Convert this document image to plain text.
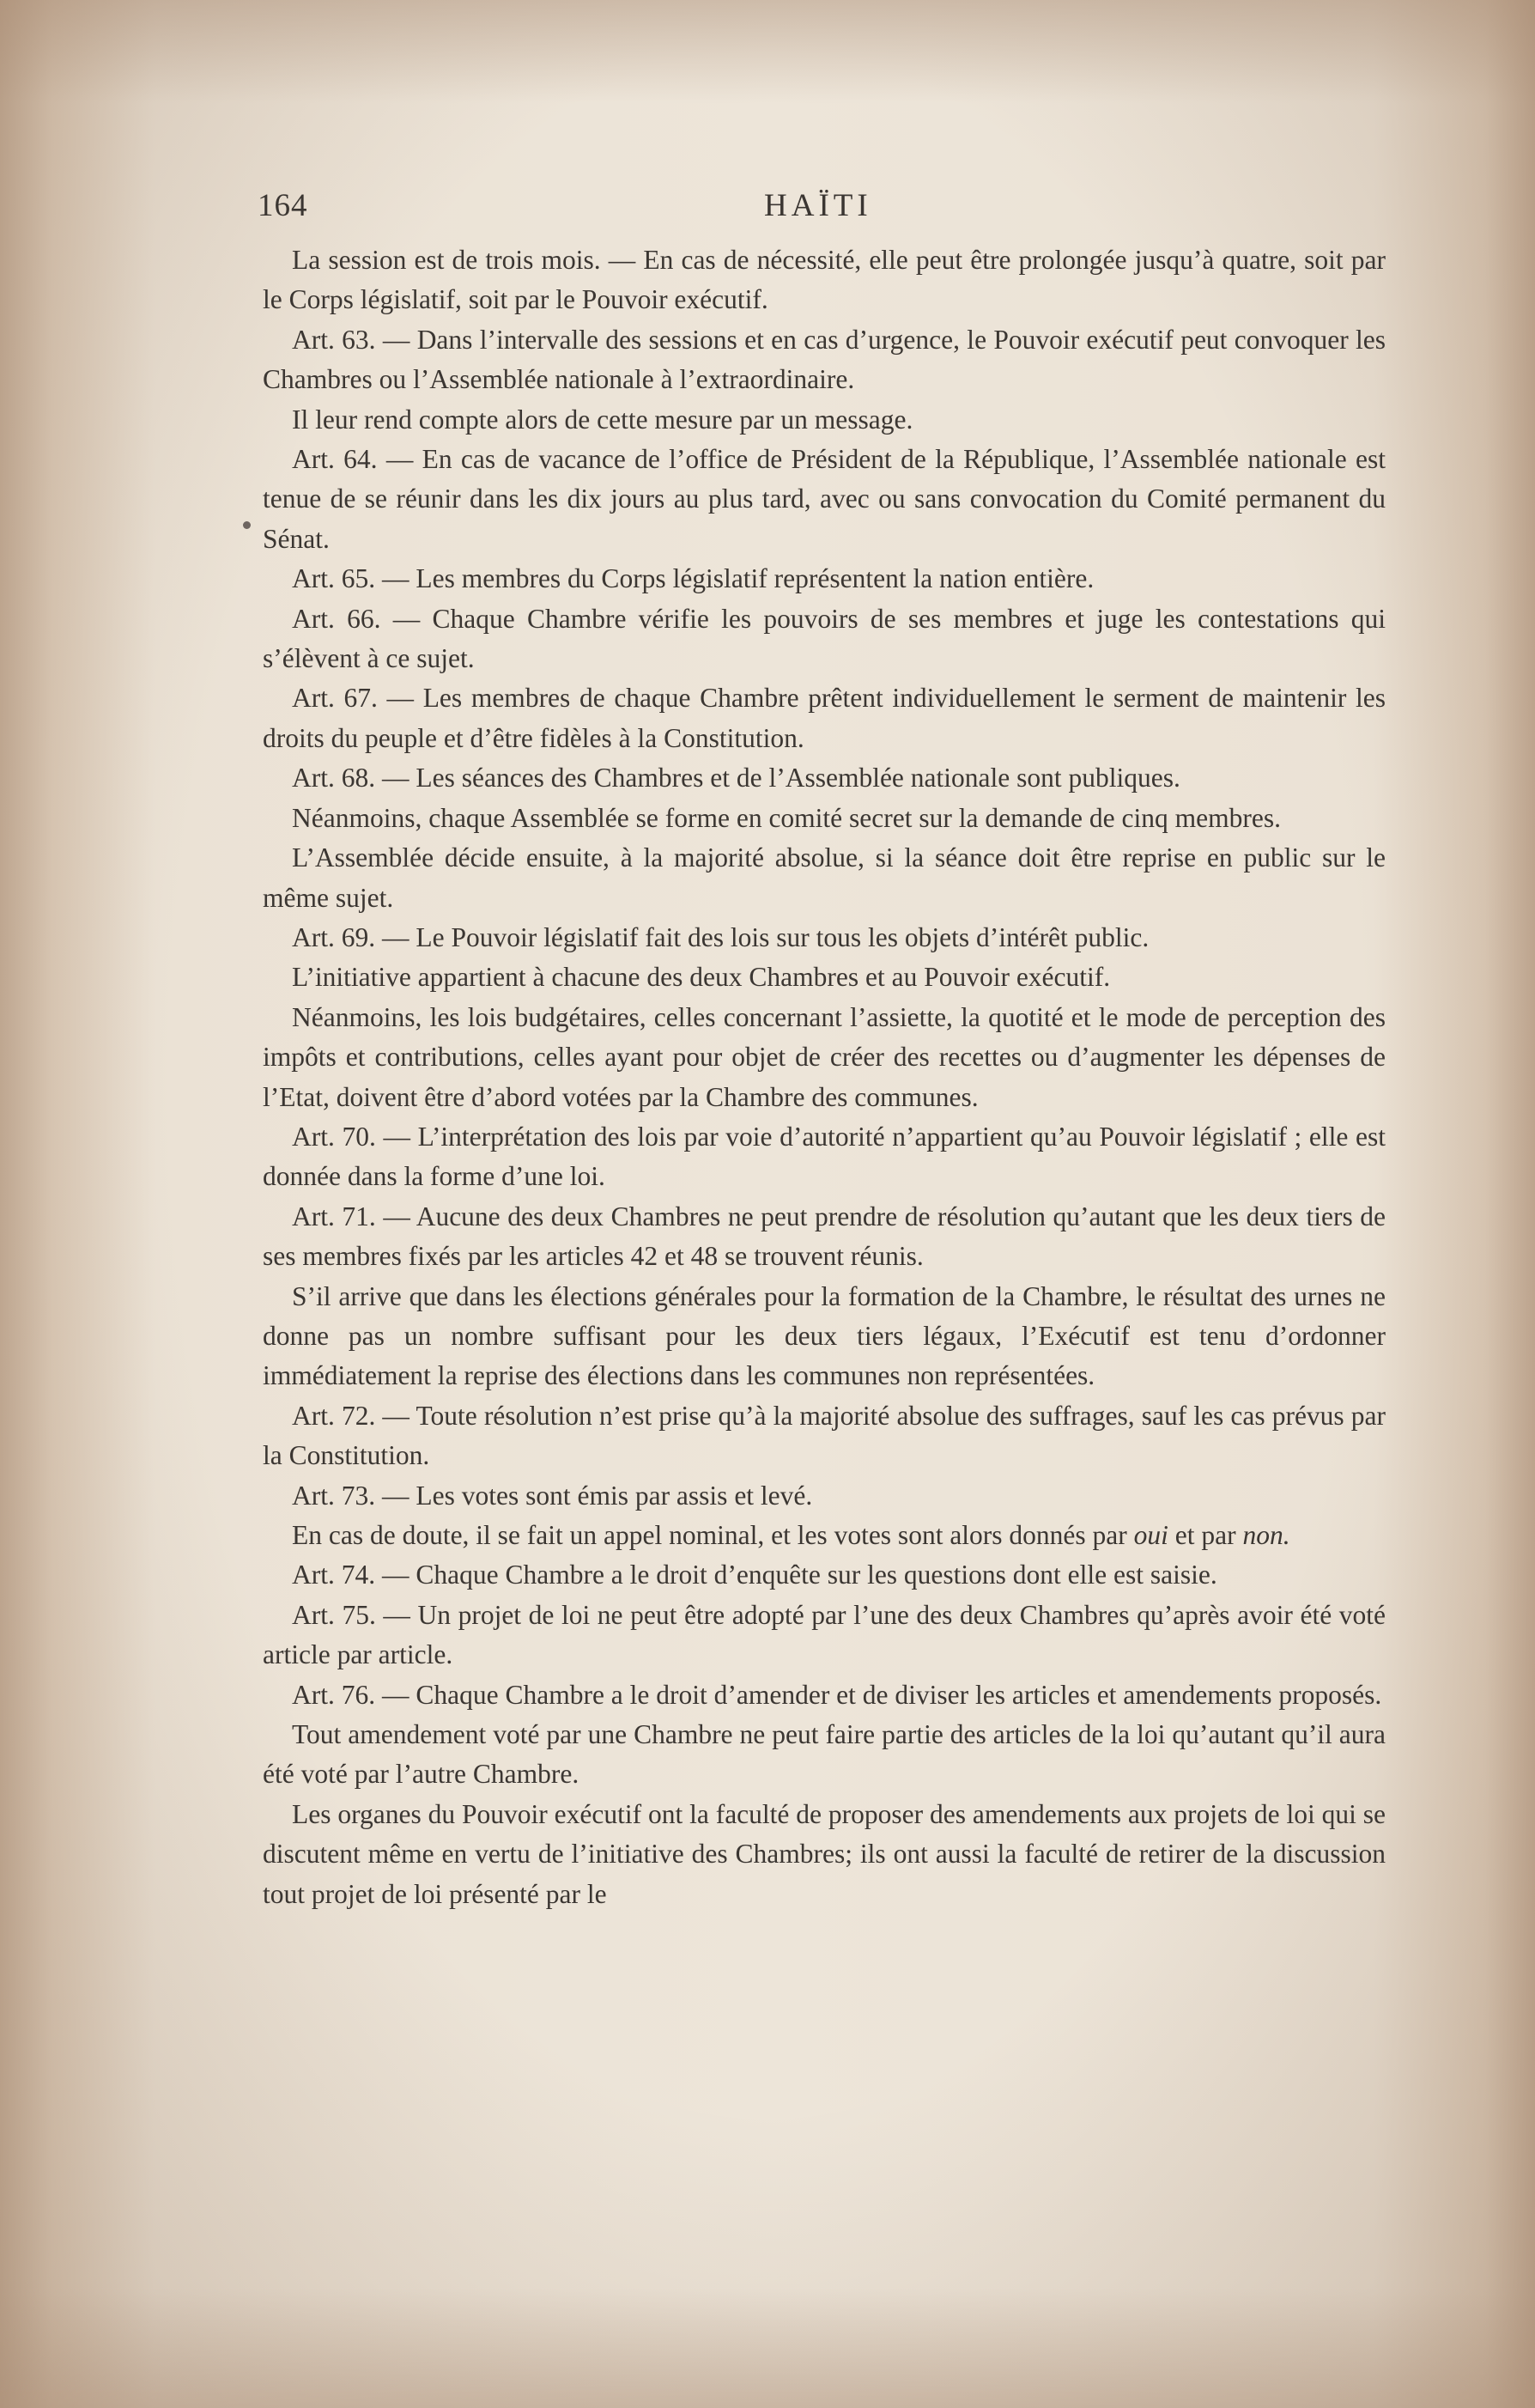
164	HAÏTI

La session est de trois mois. — En cas de nécessité, elle peut être prolongée jusqu’à quatre, soit par le Corps législatif, soit par le Pouvoir exécutif.

Art. 63. — Dans l’intervalle des sessions et en cas d’urgence, le Pouvoir exécutif peut convoquer les Chambres ou l’Assemblée nationale à l’extraordinaire.

Il leur rend compte alors de cette mesure par un message.

Art. 64. — En cas de vacance de l’office de Président de la République, l’Assemblée nationale est tenue de se réunir dans les dix jours au plus tard, avec ou sans convocation du Comité permanent du Sénat.

Art. 65. — Les membres du Corps législatif représentent la nation entière.

Art. 66. — Chaque Chambre vérifie les pouvoirs de ses membres et juge les contestations qui s’élèvent à ce sujet.

Art. 67. — Les membres de chaque Chambre prêtent individuellement le serment de maintenir les droits du peuple et d’être fidèles à la Constitution.

Art. 68. — Les séances des Chambres et de l’Assemblée nationale sont publiques.

Néanmoins, chaque Assemblée se forme en comité secret sur la demande de cinq membres.

L’Assemblée décide ensuite, à la majorité absolue, si la séance doit être reprise en public sur le même sujet.

Art. 69. — Le Pouvoir législatif fait des lois sur tous les objets d’intérêt public.

L’initiative appartient à chacune des deux Chambres et au Pouvoir exécutif.

Néanmoins, les lois budgétaires, celles concernant l’assiette, la quotité et le mode de perception des impôts et contributions, celles ayant pour objet de créer des recettes ou d’augmenter les dépenses de l’Etat, doivent être d’abord votées par la Chambre des communes.

Art. 70. — L’interprétation des lois par voie d’autorité n’appartient qu’au Pouvoir législatif ; elle est donnée dans la forme d’une loi.

Art. 71. — Aucune des deux Chambres ne peut prendre de résolution qu’autant que les deux tiers de ses membres fixés par les articles 42 et 48 se trouvent réunis.

S’il arrive que dans les élections générales pour la formation de la Chambre, le résultat des urnes ne donne pas un nombre suffisant pour les deux tiers légaux, l’Exécutif est tenu d’ordonner immédiatement la reprise des élections dans les communes non représentées.

Art. 72. — Toute résolution n’est prise qu’à la majorité absolue des suffrages, sauf les cas prévus par la Constitution.

Art. 73. — Les votes sont émis par assis et levé.

En cas de doute, il se fait un appel nominal, et les votes sont alors donnés par oui et par non.

Art. 74. — Chaque Chambre a le droit d’enquête sur les questions dont elle est saisie.

Art. 75. — Un projet de loi ne peut être adopté par l’une des deux Chambres qu’après avoir été voté article par article.

Art. 76. — Chaque Chambre a le droit d’amender et de diviser les articles et amendements proposés.

Tout amendement voté par une Chambre ne peut faire partie des articles de la loi qu’autant qu’il aura été voté par l’autre Chambre.

Les organes du Pouvoir exécutif ont la faculté de proposer des amendements aux projets de loi qui se discutent même en vertu de l’initiative des Chambres; ils ont aussi la faculté de retirer de la discussion tout projet de loi présenté par le
